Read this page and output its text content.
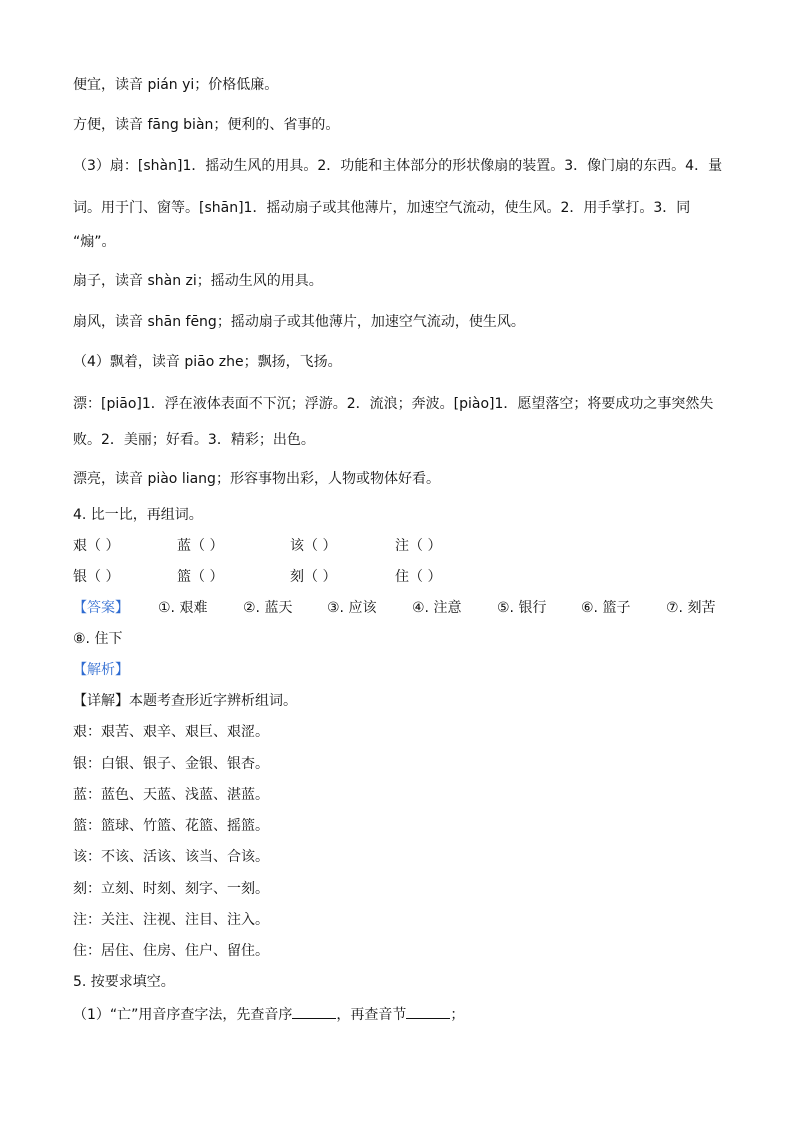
便宜，读音 pián yi；价格低廉。
方便，读音 fāng biàn；便利的、省事的。
（3）扇：[shàn]1．摇动生风的用具。2．功能和主体部分的形状像扇的装置。3．像门扇的东西。4．量
词。用于门、窗等。[shān]1．摇动扇子或其他薄片，加速空气流动，使生风。2．用手掌打。3．同
“煽”。
扇子，读音 shàn zi；摇动生风的用具。
扇风，读音 shān fēng；摇动扇子或其他薄片，加速空气流动，使生风。
（4）飘着，读音 piāo zhe；飘扬，飞扬。
漂：[piāo]1．浮在液体表面不下沉；浮游。2．流浪；奔波。[piào]1．愿望落空；将要成功之事突然失
败。2．美丽；好看。3．精彩；出色。
漂亮，读音 piào liang；形容事物出彩，人物或物体好看。
4. 比一比，再组词。
艰（ ）	蓝（ ）	该（ ）	注（ ）
银（ ）	篮（ ）	刻（ ）	住（ ）
【答案】 ①. 艰难	②. 蓝天 ③. 应该	④. 注意	⑤. 银行 ⑥. 篮子	⑦. 刻苦
⑧. 住下
【解析】
【详解】本题考查形近字辨析组词。
艰：艰苦、艰辛、艰巨、艰涩。
银：白银、银子、金银、银杏。
蓝：蓝色、天蓝、浅蓝、湛蓝。
篮：篮球、竹篮、花篮、摇篮。
该：不该、活该、该当、合该。
刻：立刻、时刻、刻字、一刻。
注：关注、注视、注目、注入。
住：居住、住房、住户、留住。
5. 按要求填空。
（1）“亡”用音序查字法，先查音序	，再查音节	；
